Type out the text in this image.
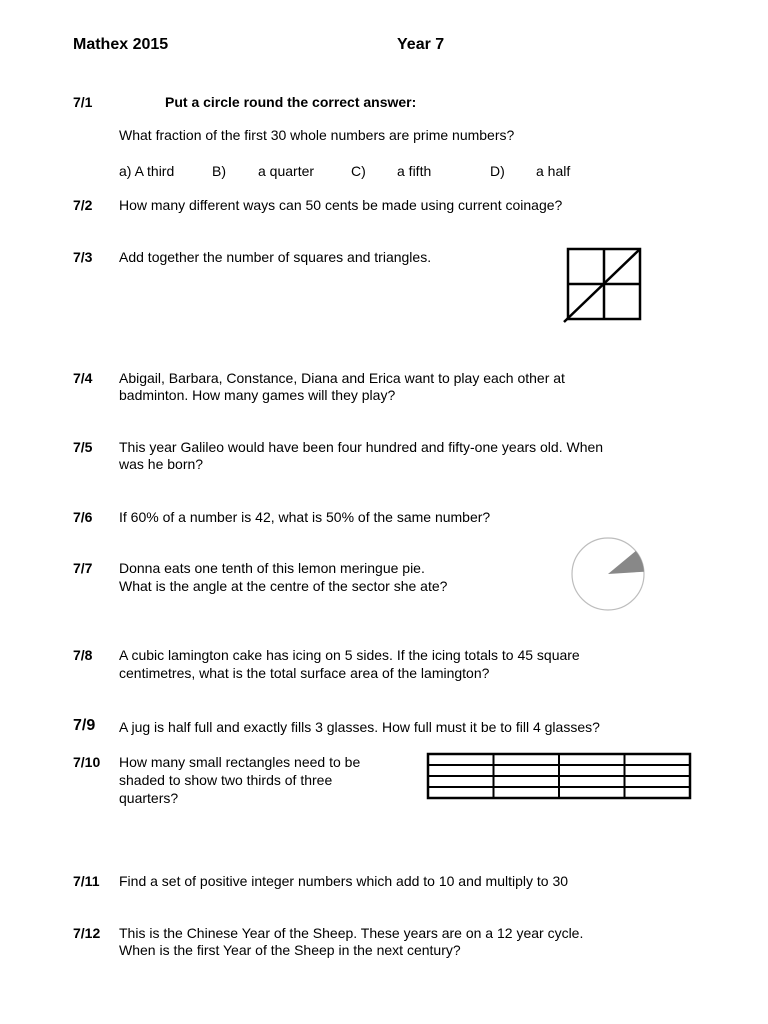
Mathex 2015	Year 7
7/1	Put a circle round the correct answer:
What fraction of the first 30 whole numbers are prime numbers?
a) A third	B) a quarter	C) a fifth	D) a half
7/2 How many different ways can 50 cents be made using current coinage?
7/3 Add together the number of squares and triangles.
7/4 Abigail, Barbara, Constance, Diana and Erica want to play each other at
badminton. How many games will they play?
7/5 This year Galileo would have been four hundred and fifty-one years old. When
was he born?
7/6 If 60% of a number is 42, what is 50% of the same number?
7/7 Donna eats one tenth of this lemon meringue pie.
What is the angle at the centre of the sector she ate?
7/8 A cubic lamington cake has icing on 5 sides. If the icing totals to 45 square
centimetres, what is the total surface area of the lamington?
7/9 A jug is half full and exactly fills 3 glasses. How full must it be to fill 4 glasses?
7/10 How many small rectangles need to be
shaded to show two thirds of three
quarters?
7/11 Find a set of positive integer numbers which add to 10 and multiply to 30
7/12 This is the Chinese Year of the Sheep. These years are on a 12 year cycle.
When is the first Year of the Sheep in the next century?
